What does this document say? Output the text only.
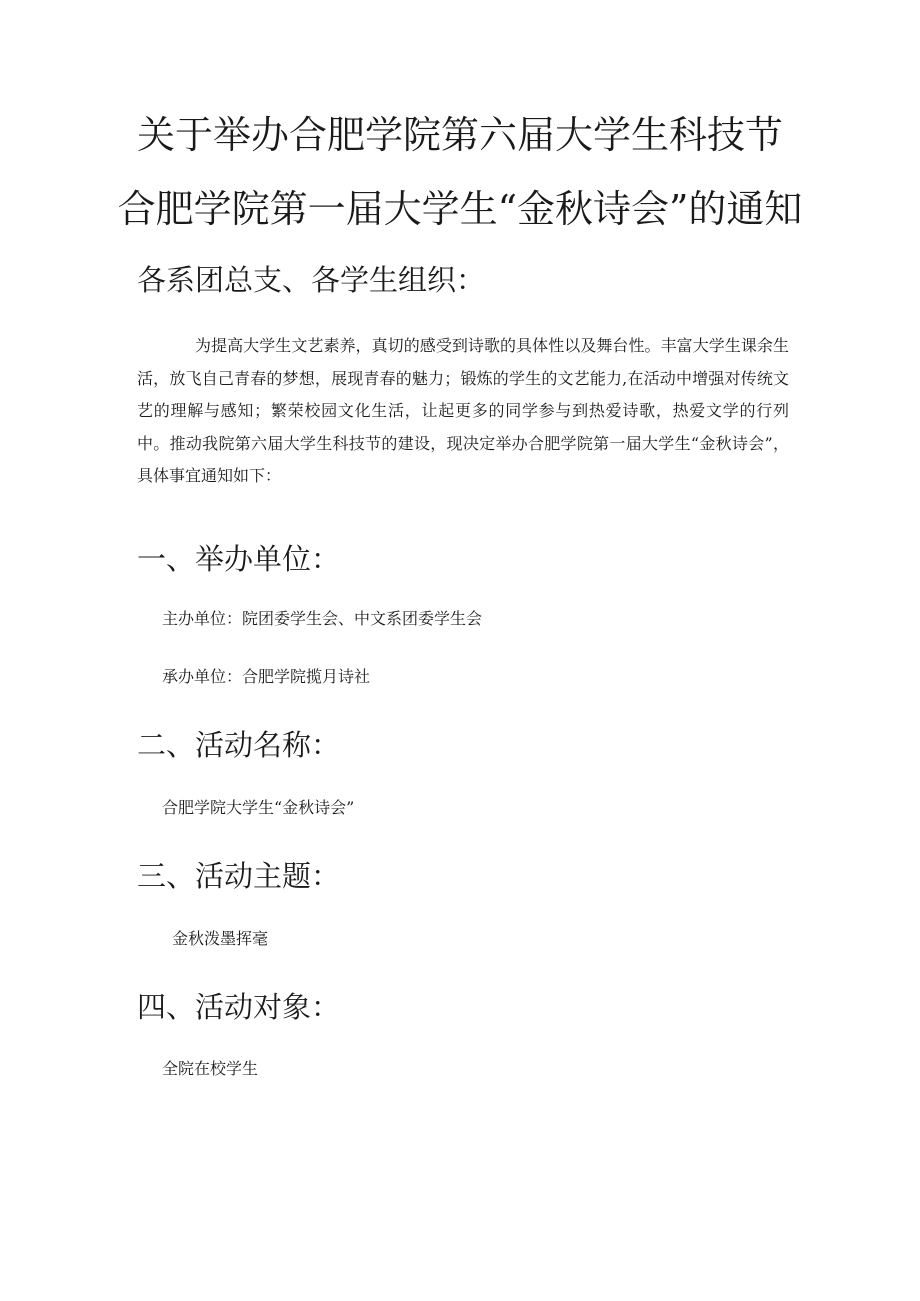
关于举办合肥学院第六届大学生科技节
合肥学院第一届大学生“金秋诗会”的通知
各系团总支、各学生组织：

为提高大学生文艺素养，真切的感受到诗歌的具体性以及舞台性。丰富大学生课余生活，放飞自己青春的梦想，展现青春的魅力；锻炼的学生的文艺能力,在活动中增强对传统文艺的理解与感知；繁荣校园文化生活，让起更多的同学参与到热爱诗歌，热爱文学的行列中。推动我院第六届大学生科技节的建设，现决定举办合肥学院第一届大学生“金秋诗会”，具体事宜通知如下：

一、举办单位：
主办单位：院团委学生会、中文系团委学生会
承办单位：合肥学院揽月诗社
二、活动名称：
合肥学院大学生“金秋诗会”
三、活动主题：
金秋泼墨挥毫
四、活动对象：
全院在校学生
